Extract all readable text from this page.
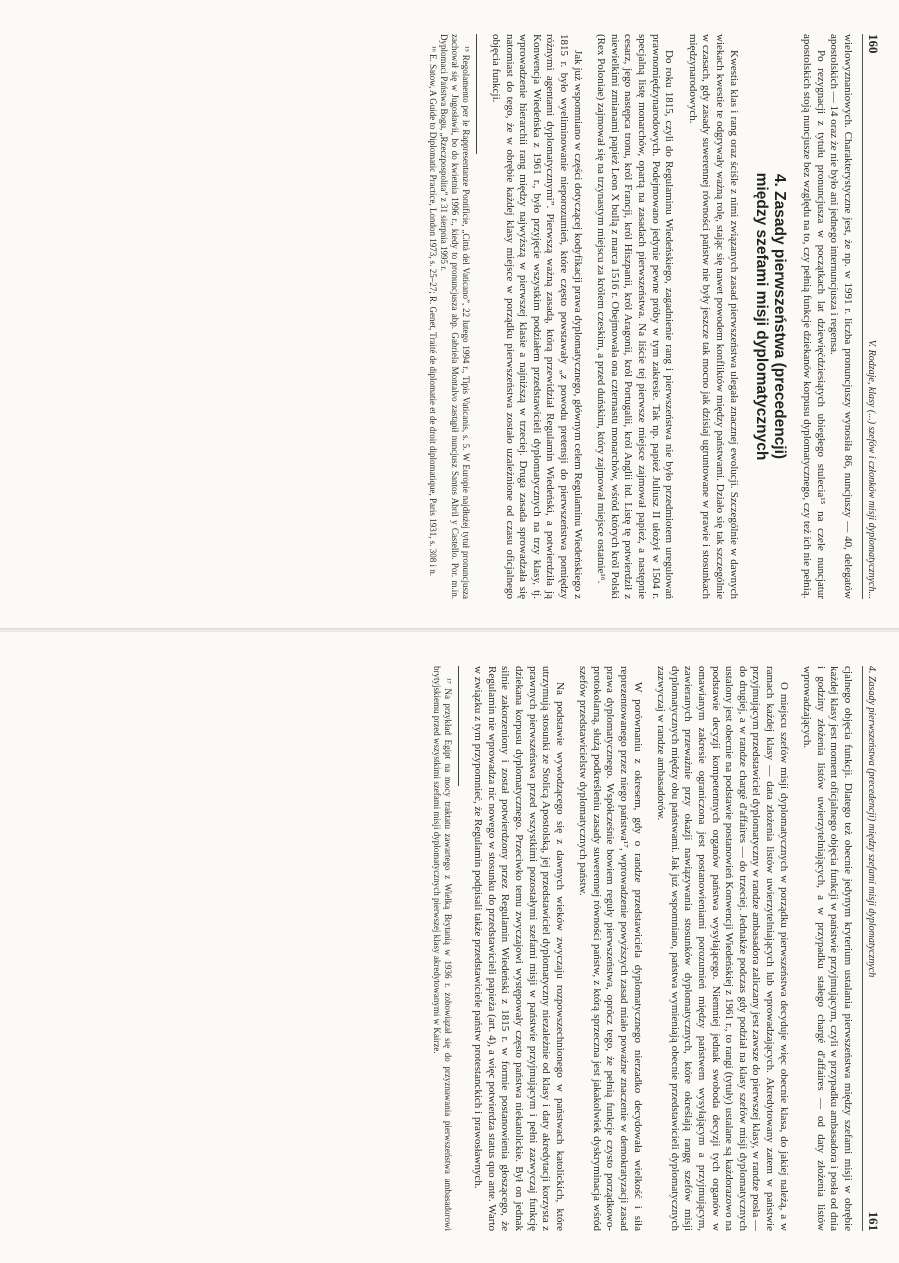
160
V. Rodzaje, klasy (...) szefów i członków misji dyplomatycznych...

wielowyznaniowych. Charakterystyczne jest, że np. w 1991 r. liczba pronuncjuszy wynosiła 86, nuncjuszy — 40, delegatów apostolskich — 14 oraz że nie było ani jednego internuncjusza i regensa.

Po rezygnacji z tytułu pronuncjusza w początkach lat dziewięćdziesiątych ubiegłego stulecia¹⁵ na czele nuncjatur apostolskich stoją nuncjusze bez względu na to, czy pełnią funkcje dziekanów korpusu dyplomatycznego, czy też ich nie pełnią.

4. Zasady pierwszeństwa (precedencji)
między szefami misji dyplomatycznych

Kwestia klas i rang oraz ściśle z nimi związanych zasad pierwszeństwa ulegała znacznej ewolucji. Szczególnie w dawnych wiekach kwestie te odgrywały ważną rolę, stając się nawet powodem konfliktów między państwami. Działo się tak szczególnie w czasach, gdy zasady suwerennej równości państw nie były jeszcze tak mocno jak dzisiaj ugruntowane w prawie i stosunkach międzynarodowych.

Do roku 1815, czyli do Regulaminu Wiedeńskiego, zagadnienie rang i pierwszeństwa nie było przedmiotem uregulowań prawnomiędzynarodowych. Podejmowano jedynie pewne próby w tym zakresie. Tak np. papież Juliusz II ułożył w 1504 r. specjalną listę monarchów, opartą na zasadach pierwszeństwa. Na liście tej pierwsze miejsce zajmował papież, a następnie cesarz, jego następca tronu, król Francji, król Hiszpanii, król Aragonii, król Portugalii, król Anglii itd. Listę tę potwierdził z niewielkimi zmianami papież Leon X bullą z marca 1516 r. Obejmowała ona czternastu monarchów, wśród których król Polski (Rex Poloniae) zajmował się na trzynastym miejscu za królem czeskim, a przed duńskim, który zajmował miejsce ostatnie¹⁶.

Jak już wspomniano w części dotyczącej kodyfikacji prawa dyplomatycznego, głównym celem Regulaminu Wiedeńskiego z 1815 r. było wyeliminowanie nieporozumień, które często powstawały „z powodu pretensji do pierwszeństwa pomiędzy różnymi agentami dyplomatycznymi”. Pierwszą ważną zasadą, którą przewidział Regulamin Wiedeński, a potwierdziła ją Konwencja Wiedeńska z 1961 r., było przyjęcie wszystkim podziałem przedstawicieli dyplomatycznych na trzy klasy, tj. wprowadzenie hierarchii rang między najwyższą w pierwszej klasie a najniższą w trzeciej. Druga zasada sprowadzała się natomiast do tego, że w obrębie każdej klasy miejsce w porządku pierwszeństwa zostało uzależnione od czasu oficjalnego objęcia funkcji.

¹⁵ Regolamento per le Rappresentanze Pontificie, „Città del Vaticano”, 22 lutego 1994 r., Tipis Vaticanis, s. 5. W Europie najdłużej tytuł pronuncjusza zachował się w Jugosławii, bo do kwietnia 1996 r., kiedy to pronuncjusza abp. Gabriela Montalvo zastąpił nuncjusz Santos Abril y Castello. Por. m.in. Dyplomaci Państwa Bogu, „Rzeczpospolita” z 31 sierpnia 1995 r.

¹⁶ E. Satow, A Guide to Diplomatic Practice, London 1973, s. 25–27; R. Genet, Traité de diplomatie et de droit diplomatique, Paris 1931, s. 308 i n.

4. Zasady pierwszeństwa (precedencji) między szefami misji dyplomatycznych
161

cjalnego objęcia funkcji. Dlatego też obecnie jedynym kryterium ustalania pierwszeństwa między szefami misji w obrębie każdej klasy jest moment oficjalnego objęcia funkcji w państwie przyjmującym, czyli w przypadku ambasadora i posła od dnia i godziny złożenia listów uwierzytelniających, a w przypadku stałego chargé d'affaires — od daty złożenia listów wprowadzających.

O miejscu szefów misji dyplomatycznych w porządku pierwszeństwa decyduje więc obecnie klasa, do jakiej należą, a w ramach każdej klasy — data złożenia listów uwierzytelniających lub wprowadzających. Akredytowany zatem w państwie przyjmującym przedstawiciel dyplomatyczny w randze ambasadora zaliczany jest zawsze do pierwszej klasy, w randze posła — do drugiej, a w randze chargé d'affaires — do trzeciej. Jednakże podczas gdy podział na klasy szefów misji dyplomatycznych ustalony jest obecnie na podstawie postanowień Konwencji Wiedeńskiej z 1961 r., to rangi (tytuły) ustalane są każdorazowo na podstawie decyzji kompetentnych organów państwa wysyłającego. Niemniej jednak swoboda decyzji tych organów w omawianym zakresie ograniczona jest postanowieniami porozumień między państwem wysyłającym a przyjmującym, zawieranych przeważnie przy okazji nawiązywania stosunków dyplomatycznych, które określają rangę szefów misji dyplomatycznych między obu państwami. Jak już wspomniano, państwa wymieniają obecnie przedstawicieli dyplomatycznych zazwyczaj w randze ambasadorów.

W porównaniu z okresem, gdy o randze przedstawiciela dyplomatycznego nierzadko decydowała wielkość i siła reprezentowanego przez niego państwa¹⁷, wprowadzenie powyższych zasad miało poważne znaczenie w demokratyzacji zasad prawa dyplomatycznego. Współcześnie bowiem reguły pierwszeństwa, oprócz tego, że pełnią funkcje czysto porządkowo-protokolarną, służą podkreśleniu zasady suwerennej równości państw, z którą sprzeczna jest jakakolwiek dyskryminacja wśród szefów przedstawicielstw dyplomatycznych państw.

Na podstawie wywodzącego się z dawnych wieków zwyczaju rozpowszechnionego w państwach katolickich, które utrzymują stosunki ze Stolicą Apostolską, jej przedstawiciel dyplomatyczny niezależnie od klasy i daty akredytacji korzysta z prawnych pierwszeństwa przed wszystkimi pozostałymi szefami misji w państwie przyjmującym i pełni zazwyczaj funkcję dziekana korpusu dyplomatycznego. Przeciwko temu zwyczajowi występowały często państwa niekatolickie. Był on jednak silnie zakorzeniony i został potwierdzony przez Regulamin Wiedeński z 1815 r. w formie postanowienia głoszącego, że Regulamin nie wprowadza nic nowego w stosunku do przedstawicieli papieża (art. 4), a więc potwierdza status quo ante. Warto w związku z tym przypomnieć, że Regulamin podpisali także przedstawiciele państw protestanckich i prawosławnych.

¹⁷ Na przykład Egipt na mocy traktatu zawartego z Wielką Brytanią w 1936 r. zobowiązał się do przyznawania pierwszeństwa ambasadorowi brytyjskiemu przed wszystkimi szefami misji dyplomatycznych pierwszej klasy akredytowanymi w Kairze.
